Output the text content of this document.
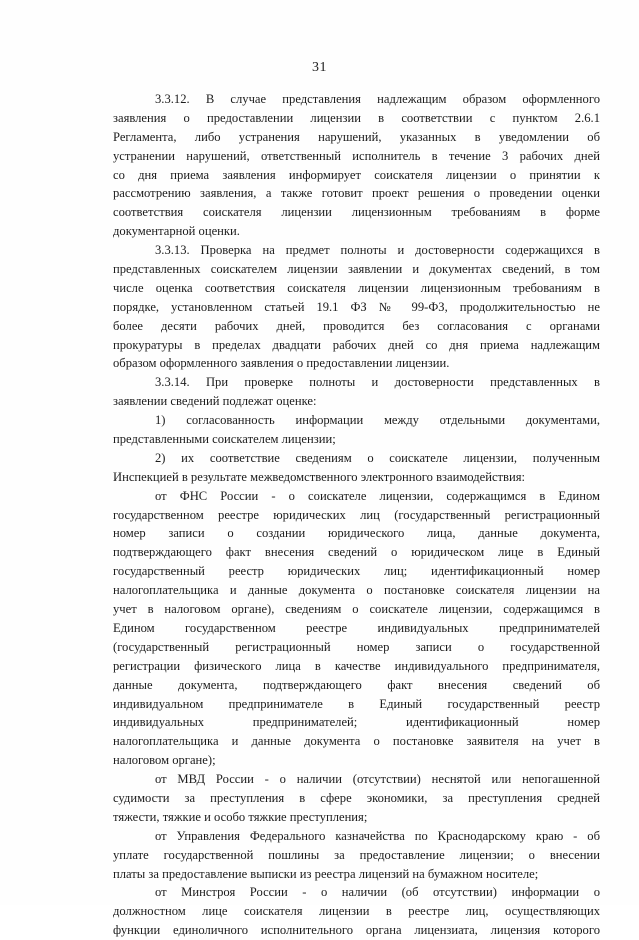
31
3.3.12. В случае представления надлежащим образом оформленного
заявления о предоставлении лицензии в соответствии с пунктом 2.6.1
Регламента, либо устранения нарушений, указанных в уведомлении об
устранении нарушений, ответственный исполнитель в течение 3 рабочих дней
со дня приема заявления информирует соискателя лицензии о принятии к
рассмотрению заявления, а также готовит проект решения о проведении оценки
соответствия соискателя лицензии лицензионным требованиям в форме
документарной оценки.
3.3.13. Проверка на предмет полноты и достоверности содержащихся в
представленных соискателем лицензии заявлении и документах сведений, в том
числе оценка соответствия соискателя лицензии лицензионным требованиям в
порядке, установленном статьей 19.1 ФЗ № 99-ФЗ, продолжительностью не
более десяти рабочих дней, проводится без согласования с органами
прокуратуры в пределах двадцати рабочих дней со дня приема надлежащим
образом оформленного заявления о предоставлении лицензии.
3.3.14. При проверке полноты и достоверности представленных в
заявлении сведений подлежат оценке:
1) согласованность информации между отдельными документами,
представленными соискателем лицензии;
2) их соответствие сведениям о соискателе лицензии, полученным
Инспекцией в результате межведомственного электронного взаимодействия:
от ФНС России - о соискателе лицензии, содержащимся в Едином
государственном реестре юридических лиц (государственный регистрационный
номер записи о создании юридического лица, данные документа,
подтверждающего факт внесения сведений о юридическом лице в Единый
государственный реестр юридических лиц; идентификационный номер
налогоплательщика и данные документа о постановке соискателя лицензии на
учет в налоговом органе), сведениям о соискателе лицензии, содержащимся в
Едином государственном реестре индивидуальных предпринимателей
(государственный регистрационный номер записи о государственной
регистрации физического лица в качестве индивидуального предпринимателя,
данные документа, подтверждающего факт внесения сведений об
индивидуальном предпринимателе в Единый государственный реестр
индивидуальных предпринимателей; идентификационный номер
налогоплательщика и данные документа о постановке заявителя на учет в
налоговом органе);
от МВД России - о наличии (отсутствии) неснятой или непогашенной
судимости за преступления в сфере экономики, за преступления средней
тяжести, тяжкие и особо тяжкие преступления;
от Управления Федерального казначейства по Краснодарскому краю - об
уплате государственной пошлины за предоставление лицензии; о внесении
платы за предоставление выписки из реестра лицензий на бумажном носителе;
от Минстроя России - о наличии (об отсутствии) информации о
должностном лице соискателя лицензии в реестре лиц, осуществляющих
функции единоличного исполнительного органа лицензиата, лицензия которого
